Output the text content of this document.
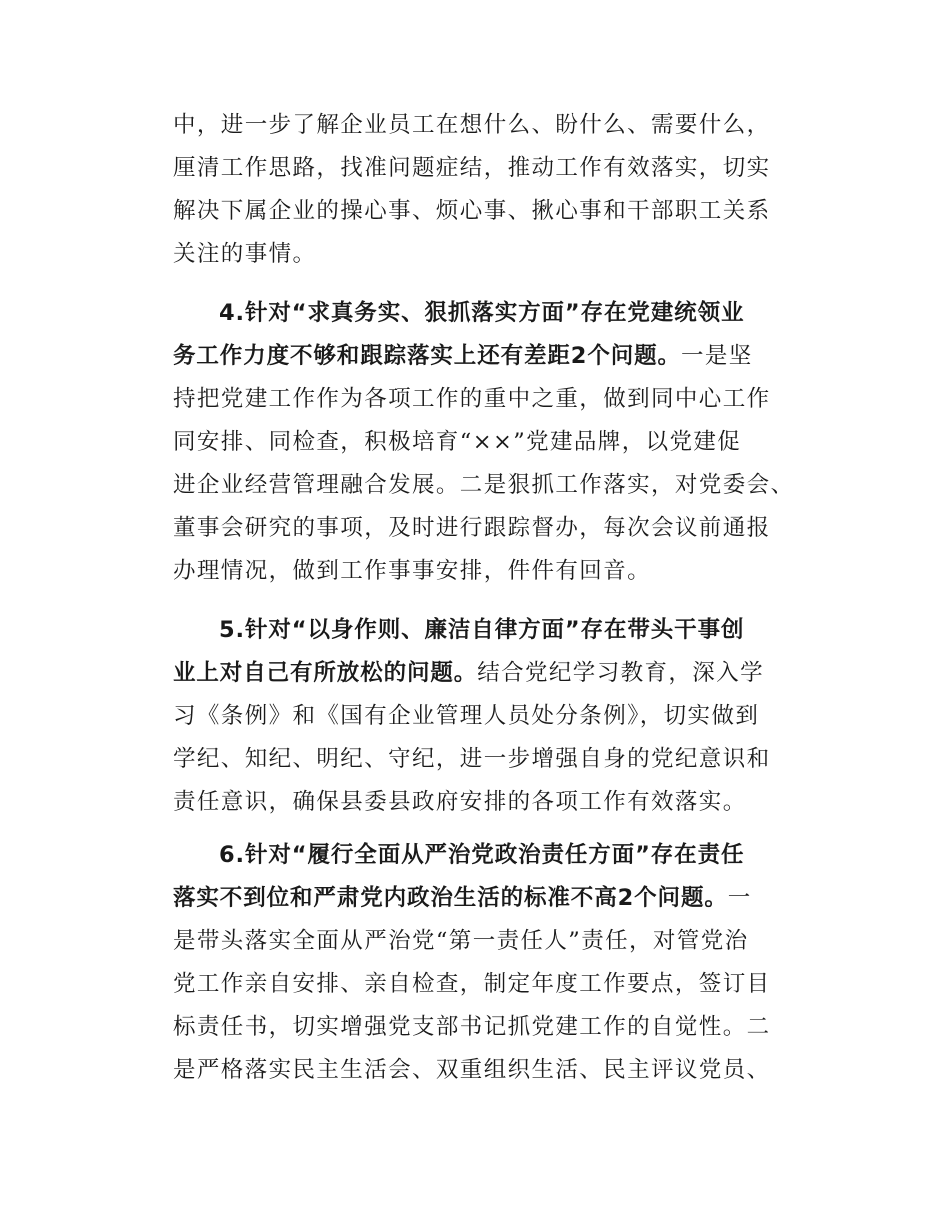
中，进一步了解企业员工在想什么、盼什么、需要什么，
厘清工作思路，找准问题症结，推动工作有效落实，切实
解决下属企业的操心事、烦心事、揪心事和干部职工关系
关注的事情。
4.针对“求真务实、狠抓落实方面”存在党建统领业
务工作力度不够和跟踪落实上还有差距2个问题。一是坚
持把党建工作作为各项工作的重中之重，做到同中心工作
同安排、同检查，积极培育“××”党建品牌，以党建促
进企业经营管理融合发展。二是狠抓工作落实，对党委会、
董事会研究的事项，及时进行跟踪督办，每次会议前通报
办理情况，做到工作事事安排，件件有回音。
5.针对“以身作则、廉洁自律方面”存在带头干事创
业上对自己有所放松的问题。结合党纪学习教育，深入学
习《条例》和《国有企业管理人员处分条例》，切实做到
学纪、知纪、明纪、守纪，进一步增强自身的党纪意识和
责任意识，确保县委县政府安排的各项工作有效落实。
6.针对“履行全面从严治党政治责任方面”存在责任
落实不到位和严肃党内政治生活的标准不高2个问题。一
是带头落实全面从严治党“第一责任人”责任，对管党治
党工作亲自安排、亲自检查，制定年度工作要点，签订目
标责任书，切实增强党支部书记抓党建工作的自觉性。二
是严格落实民主生活会、双重组织生活、民主评议党员、
